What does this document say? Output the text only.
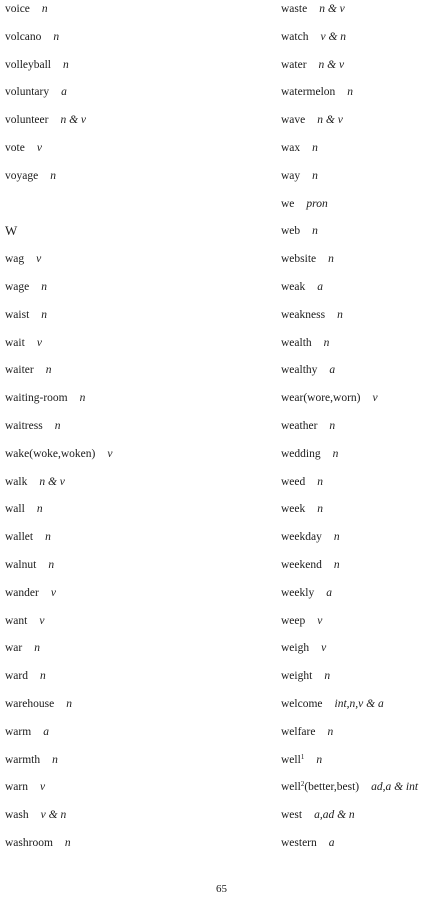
voice n
volcano n
volleyball n
voluntary a
volunteer n & v
vote v
voyage n
W
wag v
wage n
waist n
wait v
waiter n
waiting-room n
waitress n
wake(woke,woken) v
walk n & v
wall n
wallet n
walnut n
wander v
want v
war n
ward n
warehouse n
warm a
warmth n
warn v
wash v & n
washroom n
waste n & v
watch v & n
water n & v
watermelon n
wave n & v
wax n
way n
we pron
web n
website n
weak a
weakness n
wealth n
wealthy a
wear(wore,worn) v
weather n
wedding n
weed n
week n
weekday n
weekend n
weekly a
weep v
weigh v
weight n
welcome int,n,v & a
welfare n
well$^1$ n
well$^2$(better,best) ad,a & int
west a,ad & n
western a
65
